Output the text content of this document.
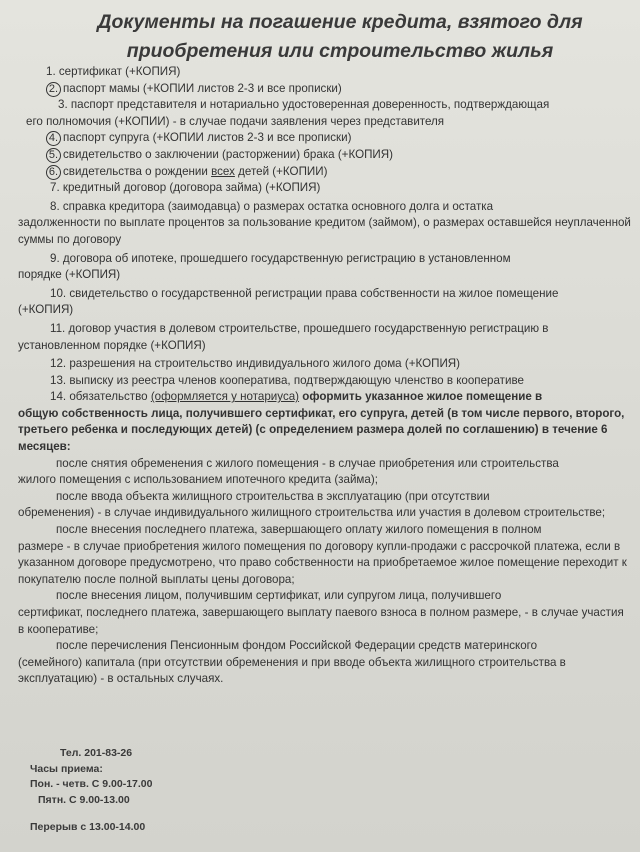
Документы на погашение кредита, взятого для
приобретения или строительство жилья

1. сертификат (+КОПИЯ)

2. паспорт мамы (+КОПИИ листов 2-3 и все прописки)

3. паспорт представителя и нотариально удостоверенная доверенность, подтверждающая

его полномочия (+КОПИИ) - в случае подачи заявления через представителя

4. паспорт супруга (+КОПИИ листов 2-3 и все прописки)

5. свидетельство о заключении (расторжении) брака (+КОПИЯ)

6. свидетельства о рождении всех детей (+КОПИИ)

7. кредитный договор (договора займа) (+КОПИЯ)

8. справка кредитора (заимодавца) о размерах остатка основного долга и остатка

задолженности по выплате процентов за пользование кредитом (займом), о размерах оставшейся неуплаченной суммы по договору

9. договора об ипотеке, прошедшего государственную регистрацию в установленном

порядке (+КОПИЯ)

10. свидетельство о государственной регистрации права собственности на жилое помещение

(+КОПИЯ)

11. договор участия в долевом строительстве, прошедшего государственную регистрацию в

установленном порядке (+КОПИЯ)

12. разрешения на строительство индивидуального жилого дома (+КОПИЯ)

13. выписку из реестра членов кооператива, подтверждающую членство в кооперативе

14. обязательство (оформляется у нотариуса) оформить указанное жилое помещение в

общую собственность лица, получившего сертификат, его супруга, детей (в том числе первого, второго, третьего ребенка и последующих детей) (с определением размера долей по соглашению) в течение 6 месяцев:

после снятия обременения с жилого помещения - в случае приобретения или строительства

жилого помещения с использованием ипотечного кредита (займа);

после ввода объекта жилищного строительства в эксплуатацию (при отсутствии

обременения) - в случае индивидуального жилищного строительства или участия в долевом строительстве;

после внесения последнего платежа, завершающего оплату жилого помещения в полном

размере - в случае приобретения жилого помещения по договору купли-продажи с рассрочкой платежа, если в указанном договоре предусмотрено, что право собственности на приобретаемое жилое помещение переходит к покупателю после полной выплаты цены договора;

после внесения лицом, получившим сертификат, или супругом лица, получившего

сертификат, последнего платежа, завершающего выплату паевого взноса в полном размере, - в случае участия в кооперативе;

после перечисления Пенсионным фондом Российской Федерации средств материнского

(семейного) капитала (при отсутствии обременения и при вводе объекта жилищного строительства в эксплуатацию) - в остальных случаях.

Тел. 201-83-26
Часы приема:
Пон. - четв. С 9.00-17.00
Пятн. С 9.00-13.00
Перерыв с 13.00-14.00
